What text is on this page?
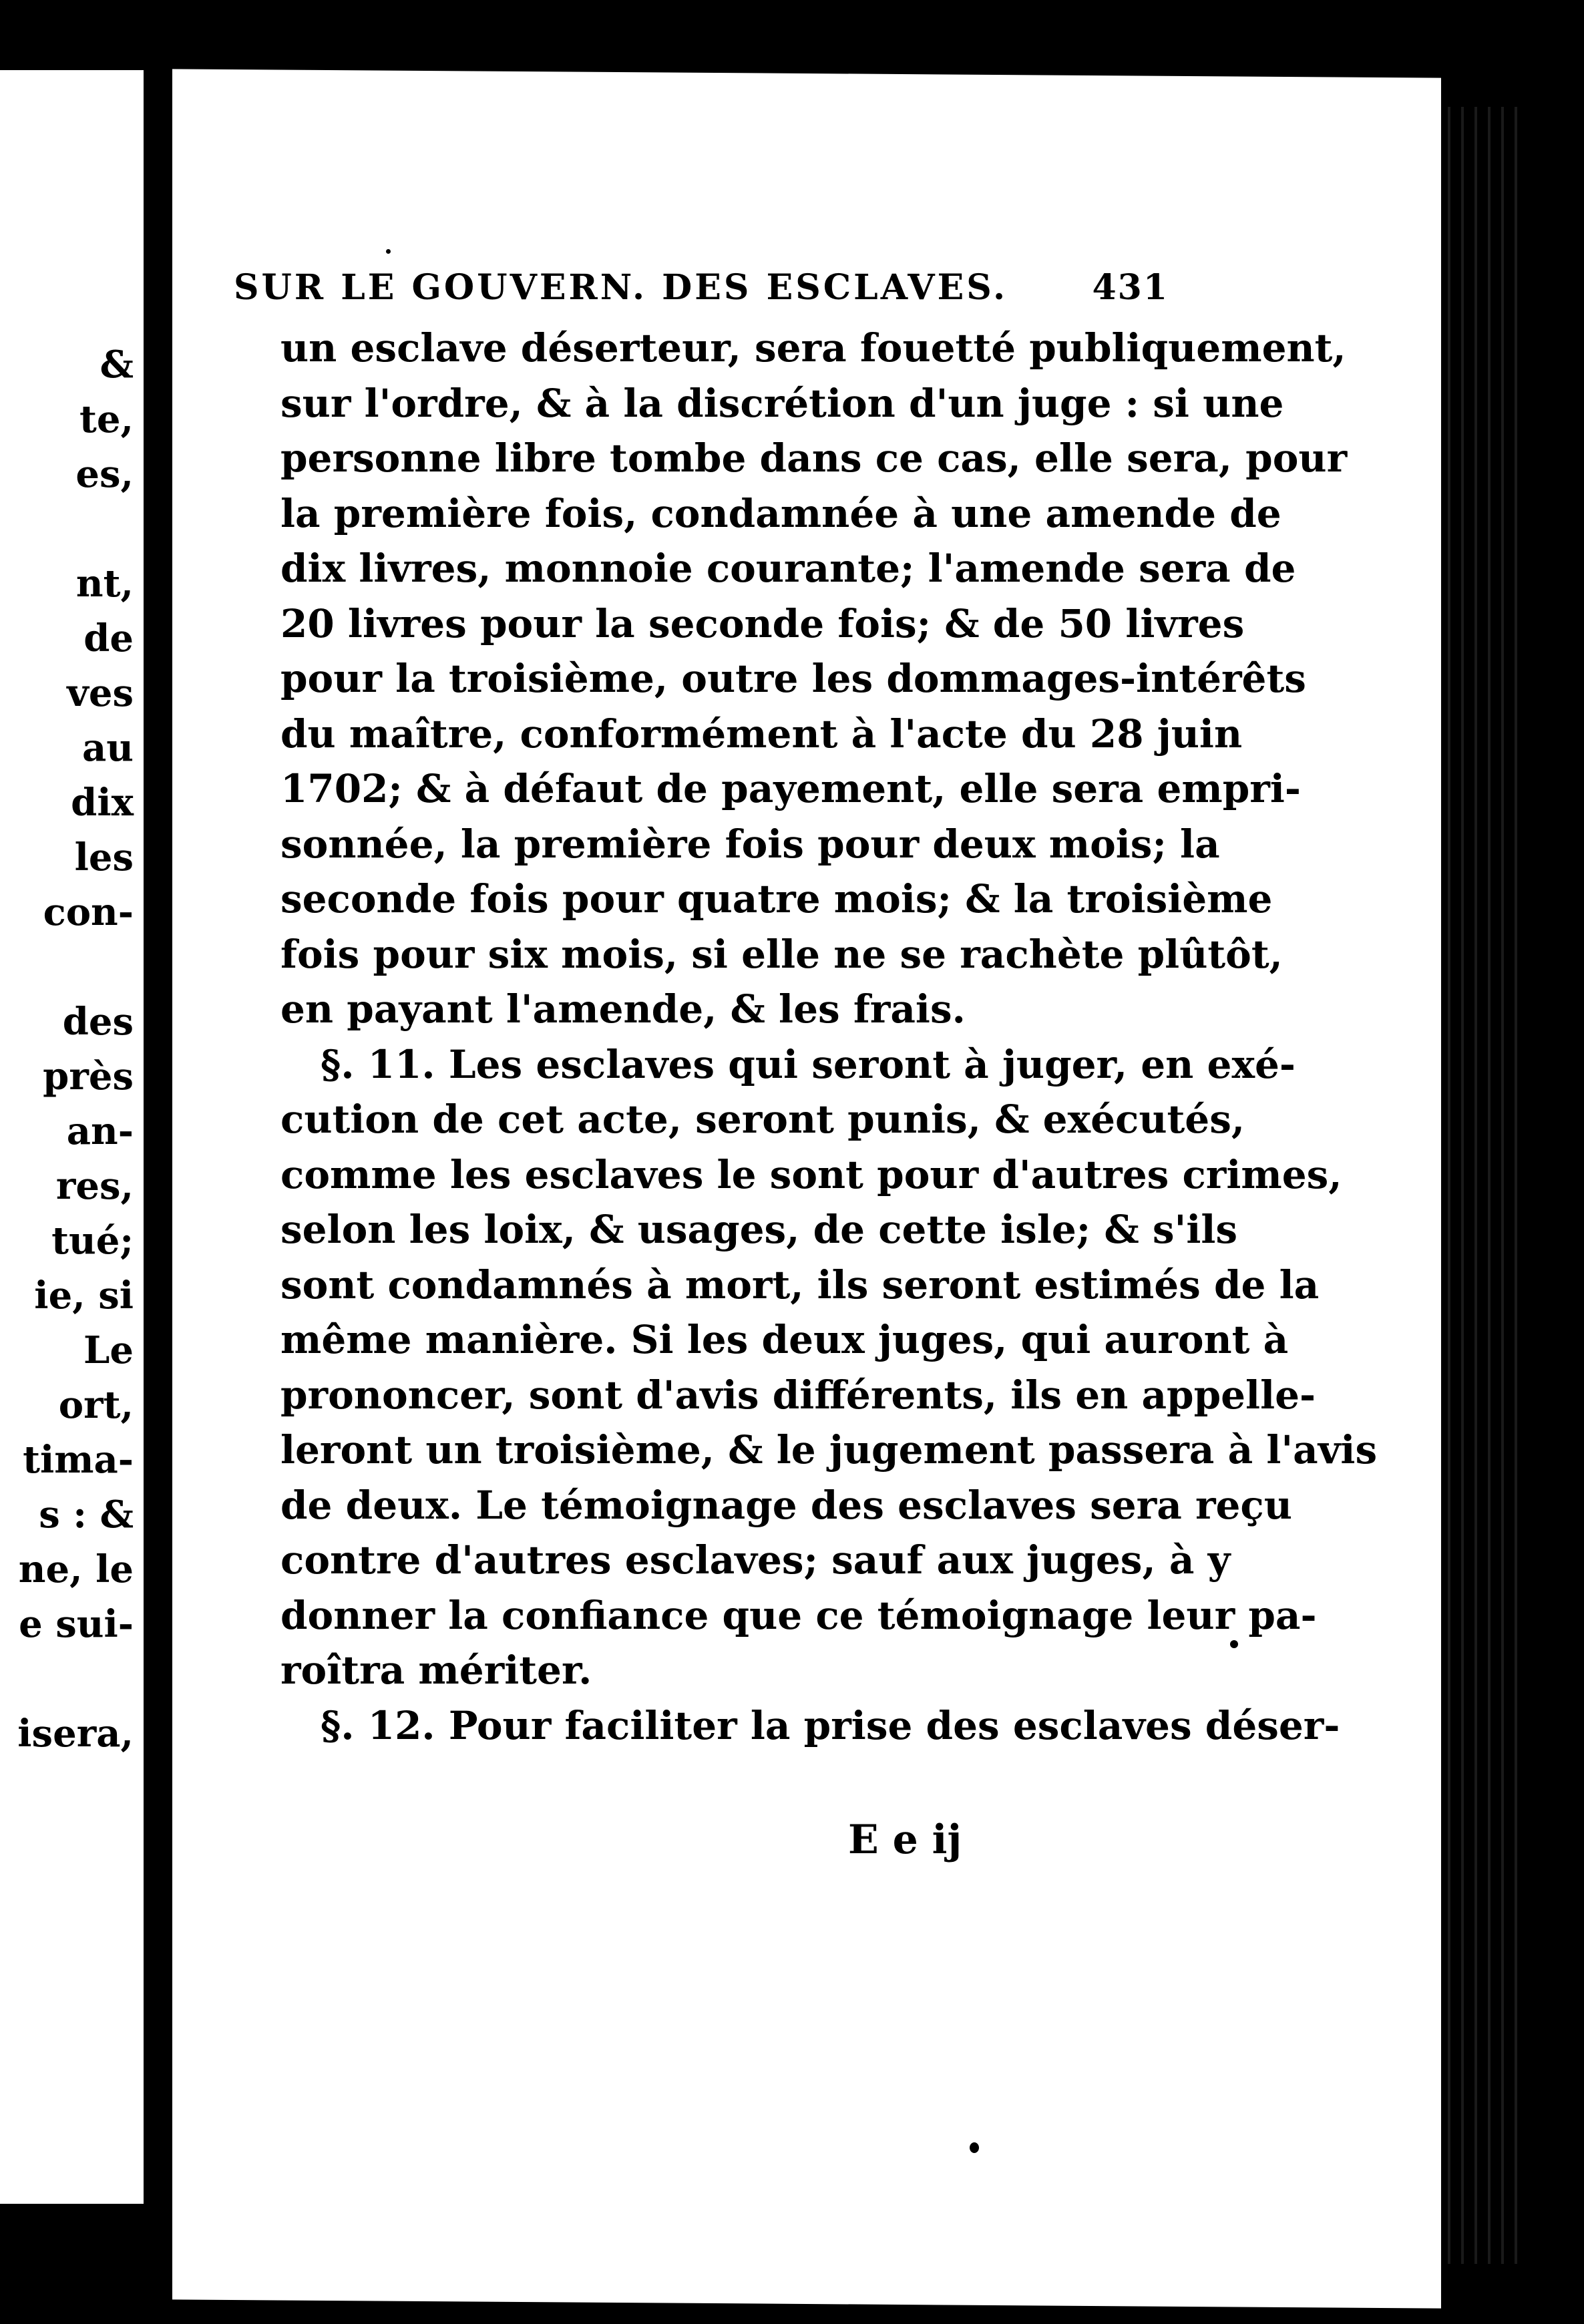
&
te,
es,

nt,
de
ves
au
dix
les
con-

des
près
an-
res,
tué;
ie, si
Le
ort,
tima-
s : &
ne, le
e sui-

isera,
SUR LE GOUVERN. DES ESCLAVES. 431
un esclave déserteur, sera fouetté publiquement,
sur l'ordre, & à la discrétion d'un juge : si une
personne libre tombe dans ce cas, elle sera, pour
la première fois, condamnée à une amende de
dix livres, monnoie courante; l'amende sera de
20 livres pour la seconde fois; & de 50 livres
pour la troisième, outre les dommages-intérêts
du maître, conformément à l'acte du 28 juin
1702; & à défaut de payement, elle sera empri-
sonnée, la première fois pour deux mois; la
seconde fois pour quatre mois; & la troisième
fois pour six mois, si elle ne se rachète plûtôt,
en payant l'amende, & les frais.
§. 11. Les esclaves qui seront à juger, en exé-
cution de cet acte, seront punis, & exécutés,
comme les esclaves le sont pour d'autres crimes,
selon les loix, & usages, de cette isle; & s'ils
sont condamnés à mort, ils seront estimés de la
même manière. Si les deux juges, qui auront à
prononcer, sont d'avis différents, ils en appelle-
leront un troisième, & le jugement passera à l'avis
de deux. Le témoignage des esclaves sera reçu
contre d'autres esclaves; sauf aux juges, à y
donner la confiance que ce témoignage leur pa-
roîtra mériter.
§. 12. Pour faciliter la prise des esclaves déser-
E e ij
